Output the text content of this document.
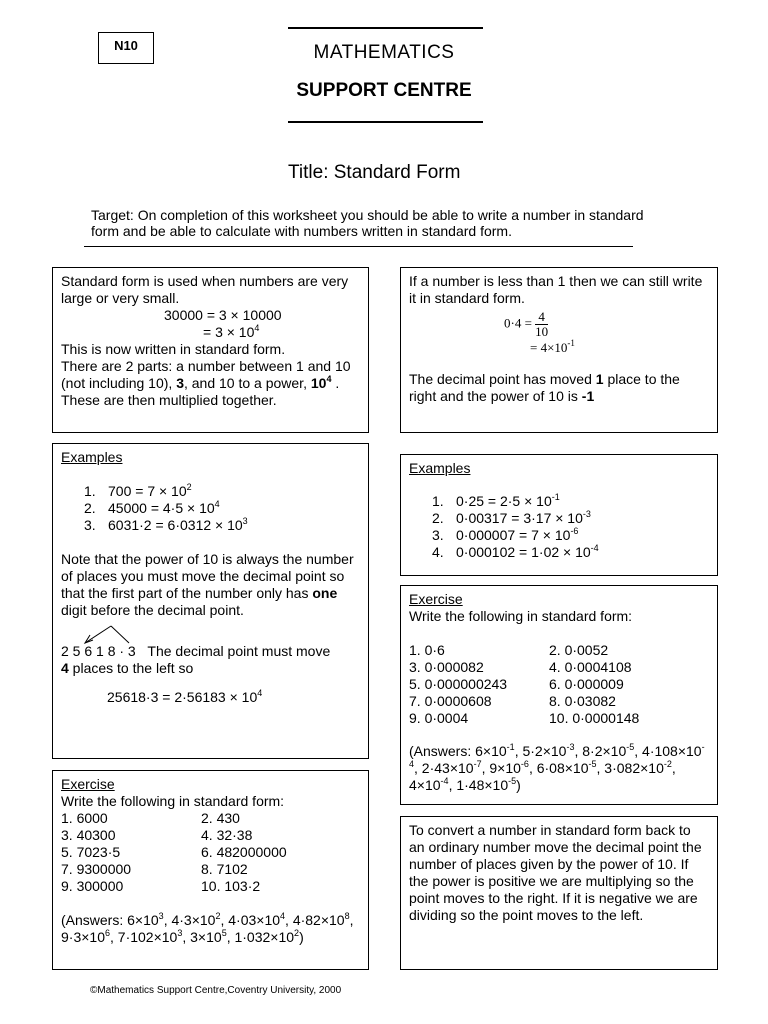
N10	MATHEMATICS
SUPPORT CENTRE
Title: Standard Form
Target: On completion of this worksheet you should be able to write a number in standard form and be able to calculate with numbers written in standard form.

Standard form is used when numbers are very large or very small.

30000 = 3 × 10000

= $3 \times 10^4$

This is now written in standard form.

There are 2 parts: a number between 1 and 10 (not including 10), 3, and 10 to a power, $10^4$ . These are then multiplied together.

If a number is less than 1 then we can still write it in standard form.

$0\cdot 4 = \frac{4}{10}$
= $4\times 10^{-1}$

The decimal point has moved 1 place to the right and the power of 10 is -1

Examples

1. $700 = 7 \times 10^2$
2. $45000 = 4\cdot 5 \times 10^4$
3. $6031\cdot 2 = 6\cdot 0312 \times 10^3$

Note that the power of 10 is always the number of places you must move the decimal point so that the first part of the number only has one digit before the decimal point.

2 5 6 1 8 · 3 The decimal point must move

4 places to the left so

$25618\cdot 3 = 2\cdot 56183 \times 10^4$

Examples

1. $0\cdot 25 = 2\cdot 5 \times 10^{-1}$
2. $0\cdot 00317 = 3\cdot 17 \times 10^{-3}$
3. $0\cdot 000007 = 7 \times 10^{-6}$
4. $0\cdot 000102 = 1\cdot 02 \times 10^{-4}$

Exercise

Write the following in standard form:

1. 0·6	2. 0·0052
3. 0·000082	4. 0·0004108
5. 0·000000243	6. 0·000009
7. 0·0000608	8. 0·03082
9. 0·0004	10. 0·0000148

(Answers: $6\times 10^{-1}$, $5\cdot 2\times 10^{-3}$, $8\cdot 2\times 10^{-5}$, $4\cdot 108\times 10^{-4}$, $2\cdot 43\times 10^{-7}$, $9\times 10^{-6}$, $6\cdot 08\times 10^{-5}$, $3\cdot 082\times 10^{-2}$, $4\times 10^{-4}$, $1\cdot 48\times 10^{-5}$)

Exercise

Write the following in standard form:

1. 6000	2. 430
3. 40300	4. 32·38
5. 7023·5	6. 482000000
7. 9300000	8. 7102
9. 300000	10. 103·2

(Answers: $6\times 10^3$, $4\cdot 3\times 10^2$, $4\cdot 03\times 10^4$, $4\cdot 82\times 10^8$, $9\cdot 3\times 10^6$, $7\cdot 102\times 10^3$, $3\times 10^5$, $1\cdot 032\times 10^2$)

To convert a number in standard form back to an ordinary number move the decimal point the number of places given by the power of 10. If the power is positive we are multiplying so the point moves to the right. If it is negative we are dividing so the point moves to the left.

©Mathematics Support Centre,Coventry University, 2000
